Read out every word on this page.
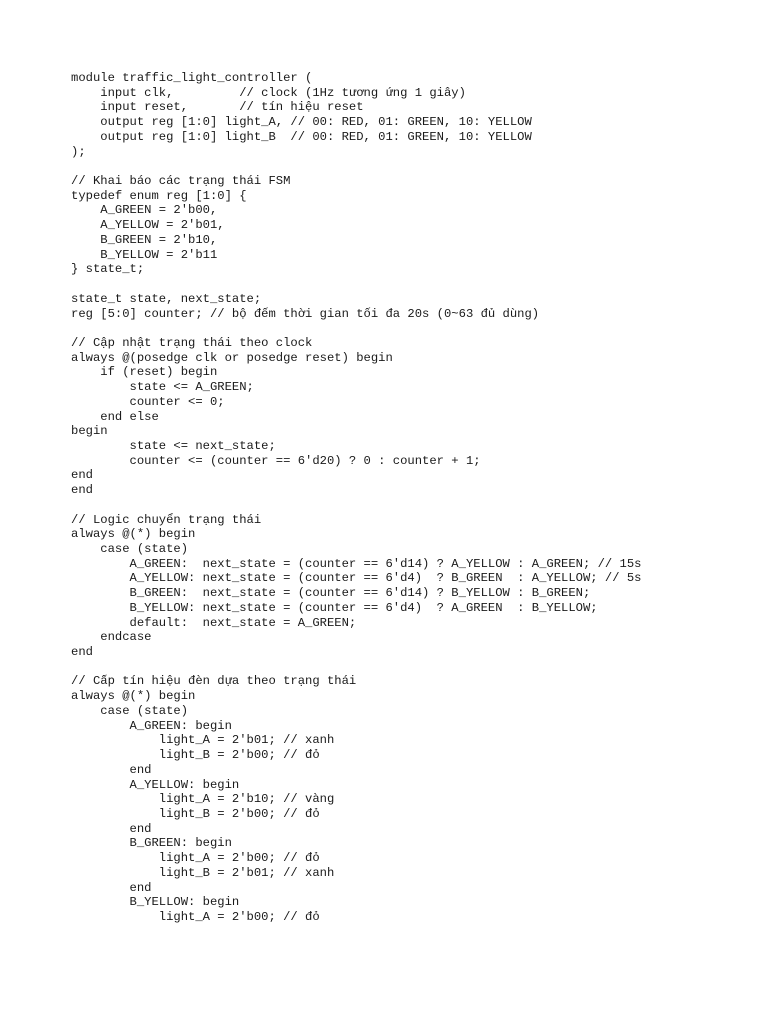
module traffic_light_controller (
input clk,         // clock (1Hz tương ứng 1 giây)
input reset,       // tín hiệu reset
output reg [1:0] light_A, // 00: RED, 01: GREEN, 10: YELLOW
output reg [1:0] light_B  // 00: RED, 01: GREEN, 10: YELLOW
);
// Khai báo các trạng thái FSM
typedef enum reg [1:0] {
A_GREEN = 2'b00,
A_YELLOW = 2'b01,
B_GREEN = 2'b10,
B_YELLOW = 2'b11
} state_t;
state_t state, next_state;
reg [5:0] counter; // bộ đếm thời gian tối đa 20s (0~63 đủ dùng)
// Cập nhật trạng thái theo clock
always @(posedge clk or posedge reset) begin
if (reset) begin
state <= A_GREEN;
counter <= 0;
end else
begin
state <= next_state;
counter <= (counter == 6'd20) ? 0 : counter + 1;
end
end
// Logic chuyển trạng thái
always @(*) begin
case (state)
A_GREEN:  next_state = (counter == 6'd14) ? A_YELLOW : A_GREEN; // 15s
A_YELLOW: next_state = (counter == 6'd4)  ? B_GREEN  : A_YELLOW; // 5s
B_GREEN:  next_state = (counter == 6'd14) ? B_YELLOW : B_GREEN;
B_YELLOW: next_state = (counter == 6'd4)  ? A_GREEN  : B_YELLOW;
default:  next_state = A_GREEN;
endcase
end
// Cấp tín hiệu đèn dựa theo trạng thái
always @(*) begin
case (state)
A_GREEN: begin
light_A = 2'b01; // xanh
light_B = 2'b00; // đỏ
end
A_YELLOW: begin
light_A = 2'b10; // vàng
light_B = 2'b00; // đỏ
end
B_GREEN: begin
light_A = 2'b00; // đỏ
light_B = 2'b01; // xanh
end
B_YELLOW: begin
light_A = 2'b00; // đỏ
